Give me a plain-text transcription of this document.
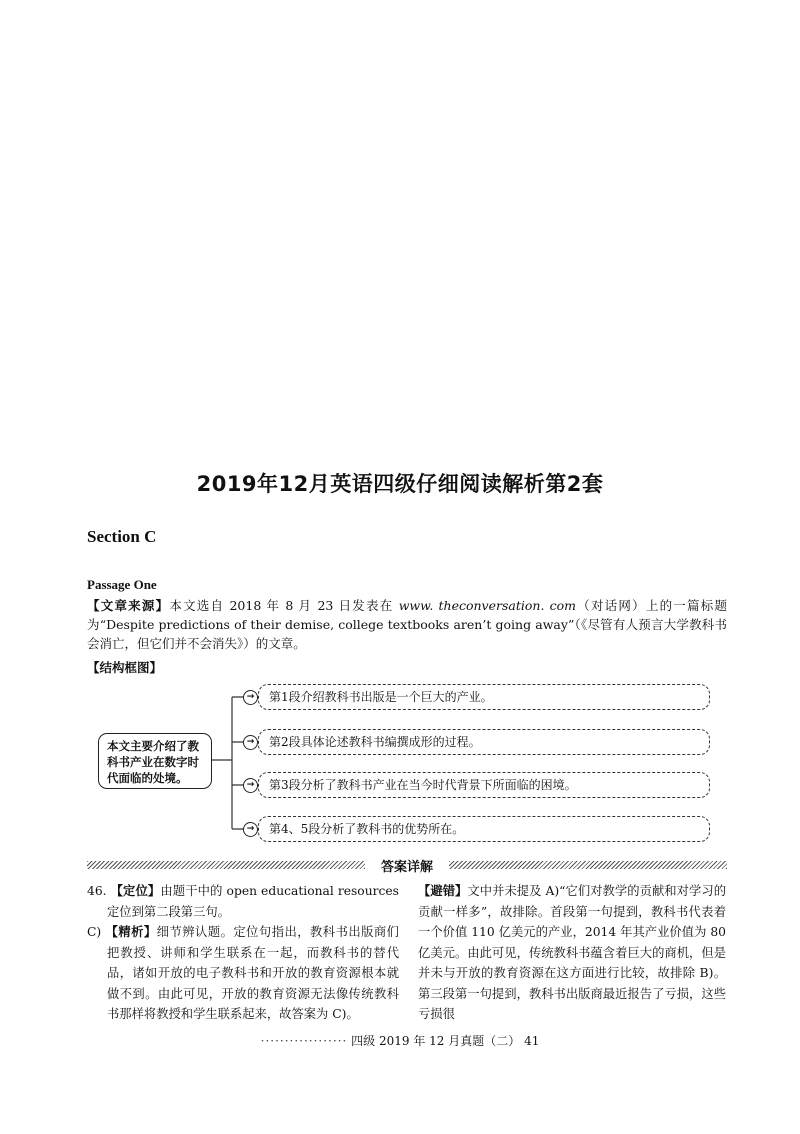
2019年12月英语四级仔细阅读解析第2套
Section C
Passage One
【文章来源】本文选自 2018 年 8 月 23 日发表在 www. theconversation. com（对话网）上的一篇标题为“Despite predictions of their demise, college textbooks aren’t going away”（《尽管有人预言大学教科书会消亡，但它们并不会消失》）的文章。
【结构框图】
本文主要介绍了教科书产业在数字时代面临的处境。
→	第1段介绍教科书出版是一个巨大的产业。
→	第2段具体论述教科书编撰成形的过程。
→	第3段分析了教科书产业在当今时代背景下所面临的困境。
→	第4、5段分析了教科书的优势所在。
答案详解

46. 【定位】由题干中的 open educational resources 定位到第二段第三句。

C) 【精析】细节辨认题。定位句指出，教科书出版商们把教授、讲师和学生联系在一起，而教科书的替代品，诸如开放的电子教科书和开放的教育资源根本就做不到。由此可见，开放的教育资源无法像传统教科书那样将教授和学生联系起来，故答案为 C)。

【避错】文中并未提及 A)“它们对教学的贡献和对学习的贡献一样多”，故排除。首段第一句提到，教科书代表着一个价值 110 亿美元的产业，2014 年其产业价值为 80 亿美元。由此可见，传统教科书蕴含着巨大的商机，但是并未与开放的教育资源在这方面进行比较，故排除 B)。第三段第一句提到，教科书出版商最近报告了亏损，这些亏损很

·················· 四级 2019 年 12 月真题（二） 41
